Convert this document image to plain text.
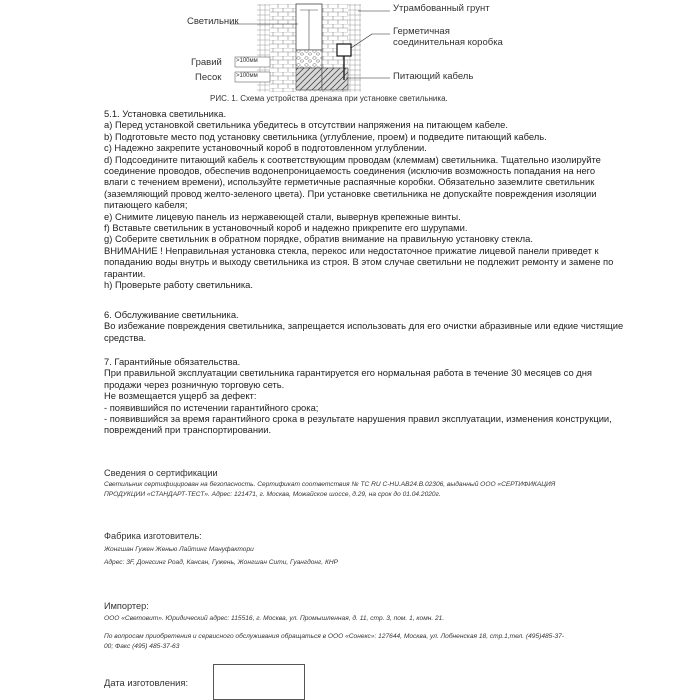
Светильник
Гравий
Песок
>100мм
>100мм
Утрамбованный грунт
Герметичная
соединительная коробка
Питающий кабель
РИС. 1. Схема устройства дренажа при установке светильника.

5.1. Установка светильника.

a) Перед установкой светильника убедитесь в отсутствии напряжения на питающем кабеле.

b) Подготовьте место под установку светильника (углубление, проем) и подведите питающий кабель.

c) Надежно закрепите установочный короб в подготовленном углублении.

d) Подсоедините питающий кабель к соответствующим проводам (клеммам) светильника. Тщательно изолируйте

соединение проводов, обеспечив водонепроницаемость соединения (исключив возможность попадания на него

влаги с течением времени), используйте герметичные распаячные коробки. Обязательно заземлите светильник

(заземляющий провод желто-зеленого цвета). При установке светильника не допускайте повреждения изоляции

питающего кабеля;

e) Снимите лицевую панель из нержавеющей стали, вывернув крепежные винты.

f) Вставьте светильник в установочный короб и надежно прикрепите его шурупами.

g) Соберите светильник в обратном порядке, обратив внимание на правильную установку стекла.

ВНИМАНИЕ ! Неправильная установка стекла, перекос или недостаточное прижатие лицевой панели приведет к

попаданию воды внутрь и выходу светильника из строя. В этом случае светильни не подлежит ремонту и замене по

гарантии.

h) Проверьте работу светильника.

6. Обслуживание светильника.

Во избежание повреждения светильника, запрещается использовать для его очистки абразивные или едкие чистящие

средства.

7. Гарантийные обязательства.

При правильной эксплуатации светильника гарантируется его нормальная работа в течение 30 месяцев со дня

продажи через розничную торговую сеть.

Не возмещается ущерб за дефект:

- появившийся по истечении гарантийного срока;

- появившийся за время гарантийного срока в результате нарушения правил эксплуатации, изменения конструкции,

повреждений при транспортировании.

Сведения о сертификации

Светильник сертифицирован на безопасность. Сертификат соответствия № TC RU C-HU.AB24.B.02306, выданный ООО «СЕРТИФИКАЦИЯ

ПРОДУКЦИИ «СТАНДАРТ-ТЕСТ». Адрес: 121471, г. Москва, Можайское шоссе, д.29, на срок до 01.04.2020г.

Фабрика изготовитель:

Жонгшан Гужен Женью Лайтинг Мануфактори

Адрес: 3F, Донгсинг Роад, Кансан, Гужень, Жонгшан Сити, Гуангдонг, КНР

Импортер:
ООО «Световит». Юридический адрес: 115516, г. Москва, ул. Промышленная, д. 11, стр. 3, пом. 1, комн. 21.

По вопросам приобретения и сервисного обслуживания обращаться в ООО «Сонекс»: 127644, Москва, ул. Лобненская 18, стр.1,тел. (495)485-37-

00; Факс (495) 485-37-63

Дата изготовления:
